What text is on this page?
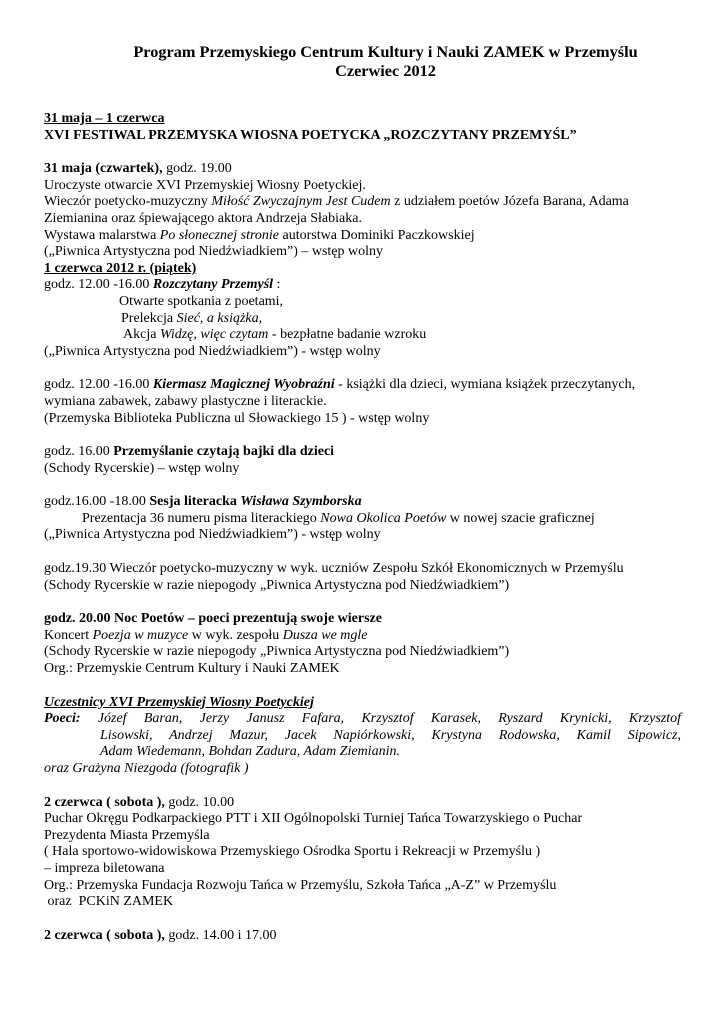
Program Przemyskiego Centrum Kultury i Nauki ZAMEK w Przemyślu
Czerwiec 2012

31 maja – 1 czerwca

XVI FESTIWAL PRZEMYSKA WIOSNA POETYCKA „ROZCZYTANY PRZEMYŚL”

31 maja (czwartek), godz. 19.00

Uroczyste otwarcie XVI Przemyskiej Wiosny Poetyckiej.

Wieczór poetycko-muzyczny Miłość Zwyczajnym Jest Cudem z udziałem poetów Józefa Barana, Adama

Ziemianina oraz śpiewającego aktora Andrzeja Słabiaka.

Wystawa malarstwa Po słonecznej stronie autorstwa Dominiki Paczkowskiej

(„Piwnica Artystyczna pod Niedźwiadkiem”) – wstęp wolny

1 czerwca 2012 r. (piątek)

godz. 12.00 -16.00 Rozczytany Przemyśl :

Otwarte spotkania z poetami,

Prelekcja Sieć, a książka,

Akcja Widzę, więc czytam - bezpłatne badanie wzroku

(„Piwnica Artystyczna pod Niedźwiadkiem”) - wstęp wolny

godz. 12.00 -16.00 Kiermasz Magicznej Wyobraźni - książki dla dzieci, wymiana książek przeczytanych,

wymiana zabawek, zabawy plastyczne i literackie.

(Przemyska Biblioteka Publiczna ul Słowackiego 15 ) - wstęp wolny

godz. 16.00 Przemyślanie czytają bajki dla dzieci

(Schody Rycerskie) – wstęp wolny

godz.16.00 -18.00 Sesja literacka Wisława Szymborska

Prezentacja 36 numeru pisma literackiego Nowa Okolica Poetów w nowej szacie graficznej

(„Piwnica Artystyczna pod Niedźwiadkiem”) - wstęp wolny

godz.19.30 Wieczór poetycko-muzyczny w wyk. uczniów Zespołu Szkół Ekonomicznych w Przemyślu

(Schody Rycerskie w razie niepogody „Piwnica Artystyczna pod Niedźwiadkiem”)

godz. 20.00 Noc Poetów – poeci prezentują swoje wiersze

Koncert Poezja w muzyce w wyk. zespołu Dusza we mgle

(Schody Rycerskie w razie niepogody „Piwnica Artystyczna pod Niedźwiadkiem”)

Org.: Przemyskie Centrum Kultury i Nauki ZAMEK

Uczestnicy XVI Przemyskiej Wiosny Poetyckiej

Poeci: Józef Baran, Jerzy Janusz Fafara, Krzysztof Karasek, Ryszard Krynicki, Krzysztof

Lisowski, Andrzej Mazur, Jacek Napiórkowski, Krystyna Rodowska, Kamil Sipowicz,

Adam Wiedemann, Bohdan Zadura, Adam Ziemianin.

oraz Grażyna Niezgoda (fotografik )

2 czerwca ( sobota ), godz. 10.00

Puchar Okręgu Podkarpackiego PTT i XII Ogólnopolski Turniej Tańca Towarzyskiego o Puchar

Prezydenta Miasta Przemyśla

( Hala sportowo-widowiskowa Przemyskiego Ośrodka Sportu i Rekreacji w Przemyślu )

– impreza biletowana

Org.: Przemyska Fundacja Rozwoju Tańca w Przemyślu, Szkoła Tańca „A-Z” w Przemyślu

oraz  PCKiN ZAMEK

2 czerwca ( sobota ), godz. 14.00 i 17.00
